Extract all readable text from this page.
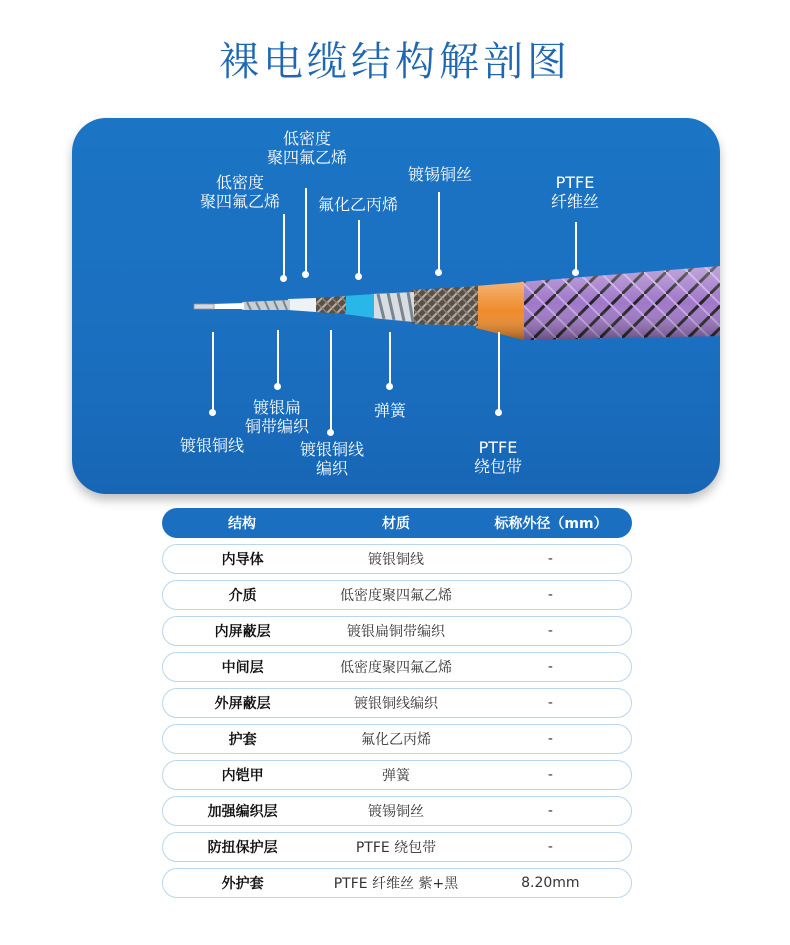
裸电缆结构解剖图
低密度
聚四氟乙烯
低密度
聚四氟乙烯	氟化乙丙烯
镀锡铜丝	PTFE
纤维丝
镀银铜线
镀银扁
铜带编织
镀银铜线
编织
弹簧
PTFE
绕包带
结构	材质	标称外径（mm）
内导体	镀银铜线	-
介质	低密度聚四氟乙烯	-
内屏蔽层	镀银扁铜带编织	-
中间层	低密度聚四氟乙烯	-
外屏蔽层	镀银铜线编织	-
护套	氟化乙丙烯	-
内铠甲	弹簧	-
加强编织层	镀锡铜丝	-
防扭保护层	PTFE 绕包带	-
外护套	PTFE 纤维丝 紫+黑	8.20mm
